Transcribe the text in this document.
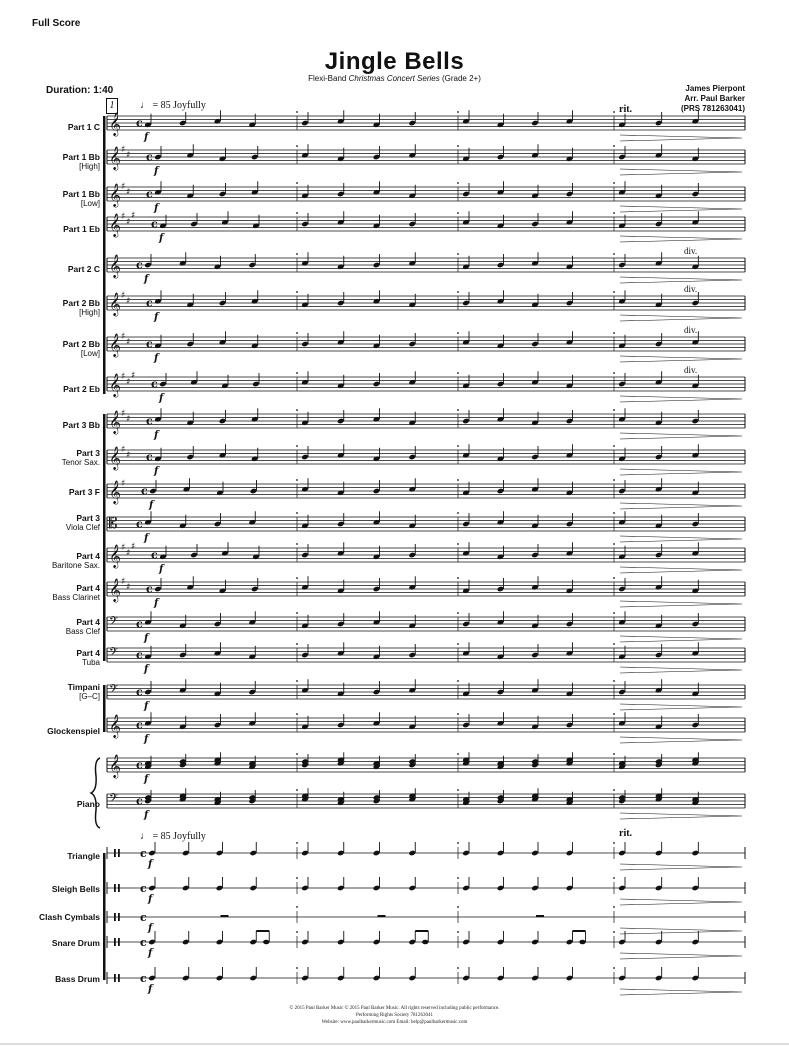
Full Score
Jingle Bells
Flexi-Band Christmas Concert Series (Grade 2+)
Duration: 1:40	James Pierpont
Arr. Paul Barker
(PRS 781263041)
1	♩ = 85 Joyfully	rit.
♩ = 85 Joyfully	rit.
Part 1 C
Part 1 Bb
[High]
Part 1 Bb
[Low]
Part 1 Eb
Part 2 C
Part 2 Bb
[High]
Part 2 Bb
[Low]
Part 2 Eb
Part 3 Bb
Part 3
Tenor Sax.
Part 3 F
Part 3
Viola Clef
Part 4
Baritone Sax.
Part 4
Bass Clarinet
Part 4
Bass Clef
Part 4
Tuba
Timpani
[G–C]
Glockenspiel
Piano
Triangle
Sleigh Bells
Clash Cymbals
Snare Drum
Bass Drum
𝄞 c
f
𝄞 ♯
♯ c
f
𝄞 ♯
♯ c
f
𝄞 ♯
♯
♯
c
f
𝄞 c
f
𝄞 ♯
♯ c
f
𝄞 ♯
♯ c
f
𝄞 ♯
♯
♯
c
f
𝄞 ♯
♯ c
f
𝄞 ♯
♯ c
f
𝄞 ♯
c
f
𝄡 c
f
𝄞 ♯
♯
♯
c
f
𝄞 ♯
♯ c
f
𝄢 c
f
𝄢 c
f
𝄢 c
f
𝄞 c
f
𝄞 c
f
𝄢 c
f
c
f
c
f
c
f
c
f
c
f
div.
div.
div.
div.
© 2015 Paul Barker Music © 2015 Paul Barker Music. All rights reserved including public performance.
Performing Rights Society 781263041
Website: www.paulbarkermusic.com Email: help@paulbarkermusic.com
